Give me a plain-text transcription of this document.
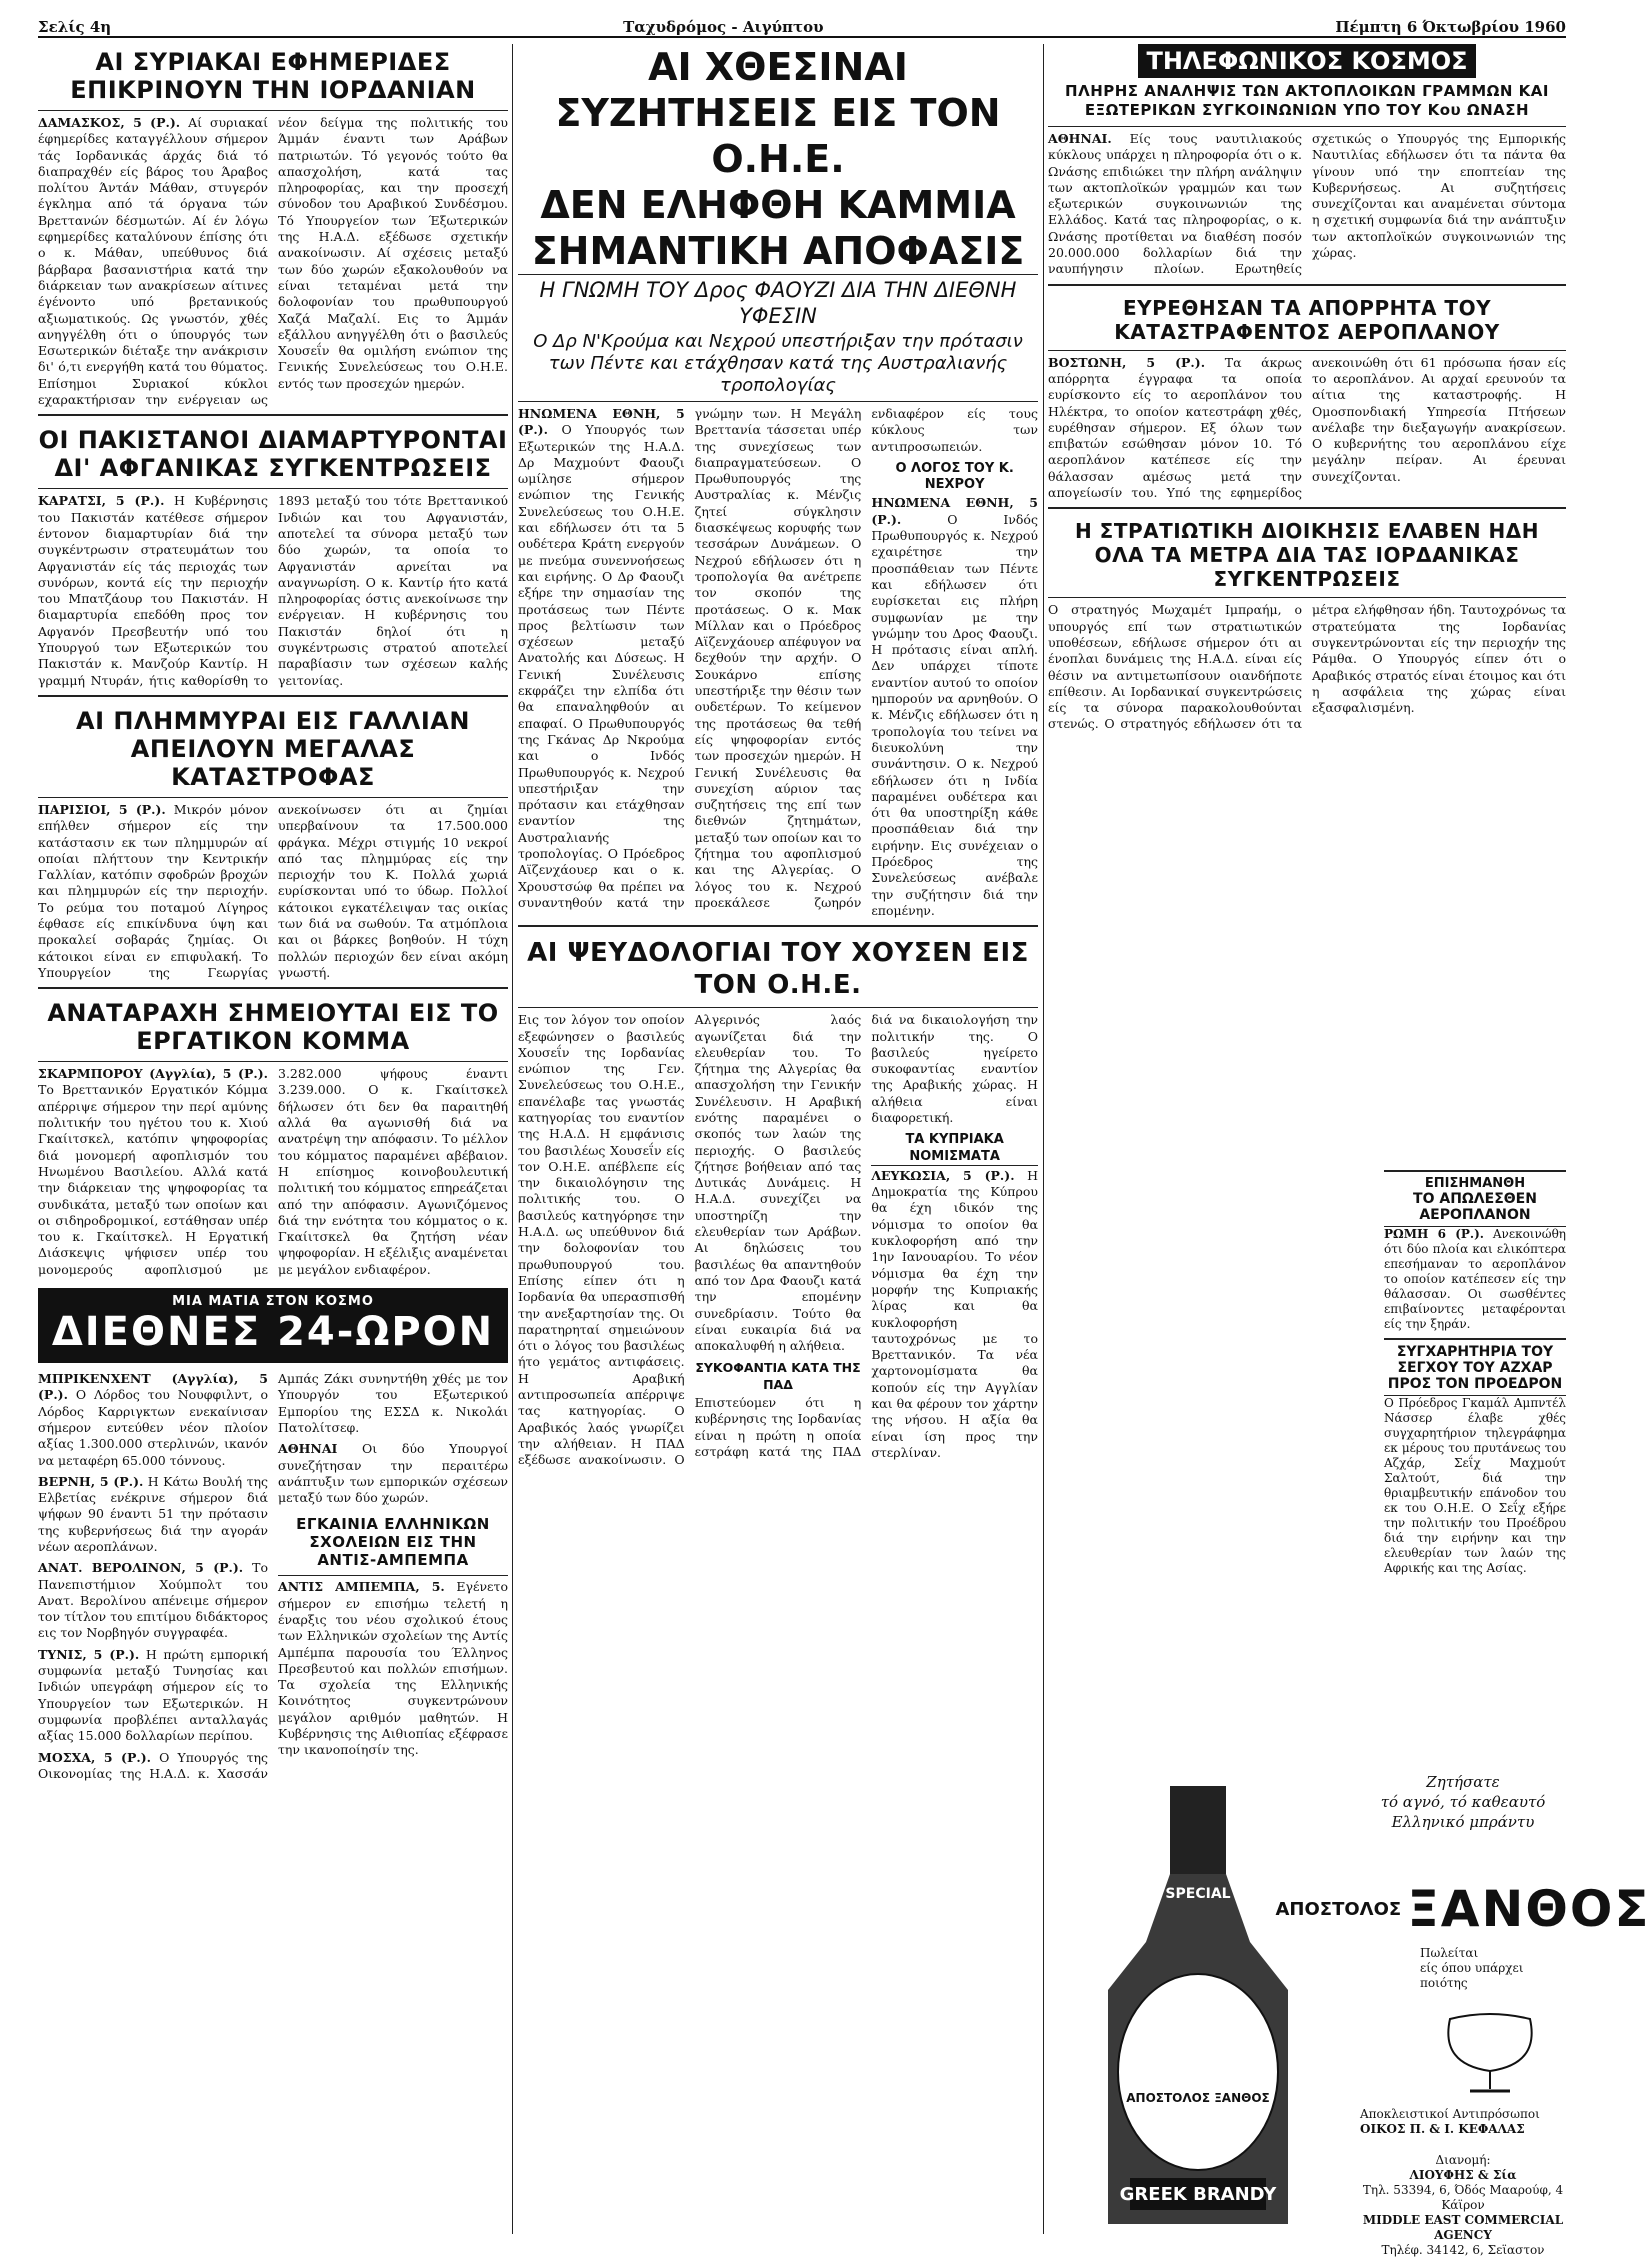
Σελίς 4η	Ταχυδρόμος - Αιγύπτου	Πέμπτη 6 Όκτωβρίου 1960
ΑΙ ΣΥΡΙΑΚΑΙ ΕΦΗΜΕΡΙΔΕΣ ΕΠΙΚΡΙΝΟΥΝ ΤΗΝ ΙΟΡΔΑΝΙΑΝ
ΔΑΜΑΣΚΟΣ, 5 (Ρ.). Αί συριακαί έφημερίδες καταγγέλλουν σήμερον τάς Ιορδανικάς άρχάς διά τό διαπραχθέν είς βάρος του Άραβος πολίτου Άντάν Μάθαν, στυγερόν έγκλημα από τά όργανα τών Βρεττανών δέσμωτών. Αί έν λόγω εφημερίδες καταλύνουν έπίσης ότι ο κ. Μάθαν, υπεύθυνος διά βάρβαρα βασανιστήρια κατά την διάρκειαν των ανακρίσεων αίτινες έγένοντο υπό βρετανικούς αξιωματικούς. Ως γνωστόν, χθές ανηγγέλθη ότι ο ύπουργός των Εσωτερικών διέταξε την ανάκρισιν δι' ό,τι ενεργήθη κατά του θύματος. Επίσημοι Συριακοί κύκλοι εχαρακτήρισαν την ενέργειαν ως νέον δείγμα της πολιτικής του Άμμάν έναντι των Αράβων πατριωτών. Τό γεγονός τούτο θα απασχολήση, κατά τας πληροφορίας, και την προσεχή σύνοδον του Αραβικού Συνδέσμου. Τό Υπουργείον των Έξωτερικών της Η.Α.Δ. εξέδωσε σχετικήν ανακοίνωσιν. Αί σχέσεις μεταξύ των δύο χωρών εξακολουθούν να είναι τεταμέναι μετά την δολοφονίαν του πρωθυπουργού Χαζά Μαζαλί. Εις το Άμμάν εξάλλου ανηγγέλθη ότι ο βασιλεύς Χουσεΐν θα ομιλήση ενώπιον της Γενικής Συνελεύσεως του Ο.Η.Ε. εντός των προσεχών ημερών.
ΟΙ ΠΑΚΙΣΤΑΝΟΙ ΔΙΑΜΑΡΤΥΡΟΝΤΑΙ ΔΙ' ΑΦΓΑΝΙΚΑΣ ΣΥΓΚΕΝΤΡΩΣΕΙΣ
ΚΑΡΑΤΣΙ, 5 (Ρ.). Η Κυβέρνησις του Πακιστάν κατέθεσε σήμερον έντονον διαμαρτυρίαν διά την συγκέντρωσιν στρατευμάτων του Αφγανιστάν είς τάς περιοχάς των συνόρων, κοντά είς την περιοχήν του Μπατζάουρ του Πακιστάν. Η διαμαρτυρία επεδόθη προς τον Αφγανόν Πρεσβευτήν υπό του Υπουργού των Εξωτερικών του Πακιστάν κ. Μανζούρ Καντίρ. Η γραμμή Ντυράν, ήτις καθορίσθη το 1893 μεταξύ του τότε Βρεττανικού Ινδιών και του Αφγανιστάν, αποτελεί τα σύνορα μεταξύ των δύο χωρών, τα οποία το Αφγανιστάν αρνείται να αναγνωρίση. Ο κ. Καντίρ ήτο κατά πληροφορίας όστις ανεκοίνωσε την ενέργειαν. Η κυβέρνησις του Πακιστάν δηλοί ότι η συγκέντρωσις στρατού αποτελεί παραβίασιν των σχέσεων καλής γειτονίας.
ΑΙ ΠΛΗΜΜΥΡΑΙ ΕΙΣ ΓΑΛΛΙΑΝ ΑΠΕΙΛΟΥΝ ΜΕΓΑΛΑΣ ΚΑΤΑΣΤΡΟΦΑΣ
ΠΑΡΙΣΙΟΙ, 5 (Ρ.). Μικρόν μόνον επήλθεν σήμερον είς την κατάστασιν εκ των πλημμυρών αί οποίαι πλήττουν την Κεντρικήν Γαλλίαν, κατόπιν σφοδρών βροχών και πλημμυρών είς την περιοχήν. Το ρεύμα του ποταμού Λίγηρος έφθασε είς επικίνδυνα ύψη και προκαλεί σοβαράς ζημίας. Οι κάτοικοι είναι εν επιφυλακή. Το Υπουργείον της Γεωργίας ανεκοίνωσεν ότι αι ζημίαι υπερβαίνουν τα 17.500.000 φράγκα. Μέχρι στιγμής 10 νεκροί από τας πλημμύρας είς την περιοχήν του Κ. Πολλά χωριά ευρίσκονται υπό το ύδωρ. Πολλοί κάτοικοι εγκατέλειψαν τας οικίας των διά να σωθούν. Τα ατμόπλοια και οι βάρκες βοηθούν. Η τύχη πολλών περιοχών δεν είναι ακόμη γνωστή.
ΑΝΑΤΑΡΑΧΗ ΣΗΜΕΙΟΥΤΑΙ ΕΙΣ ΤΟ ΕΡΓΑΤΙΚΟΝ ΚΟΜΜΑ
ΣΚΑΡΜΠΟΡΟΥ (Αγγλία), 5 (Ρ.). Το Βρεττανικόν Εργατικόν Κόμμα απέρριψε σήμερον την περί αμύνης πολιτικήν του ηγέτου του κ. Χιού Γκαίιτσκελ, κατόπιν ψηφοφορίας διά μονομερή αφοπλισμόν του Ηνωμένου Βασιλείου. Αλλά κατά την διάρκειαν της ψηφοφορίας τα συνδικάτα, μεταξύ των οποίων και οι σιδηροδρομικοί, εστάθησαν υπέρ του κ. Γκαίιτσκελ. Η Εργατική Διάσκεψις ψήφισεν υπέρ του μονομερούς αφοπλισμού με 3.282.000 ψήφους έναντι 3.239.000. Ο κ. Γκαίιτσκελ δήλωσεν ότι δεν θα παραιτηθή αλλά θα αγωνισθή διά να ανατρέψη την απόφασιν. Το μέλλον του κόμματος παραμένει αβέβαιον. Η επίσημος κοινοβουλευτική πολιτική του κόμματος επηρεάζεται από την απόφασιν. Αγωνιζόμενος διά την ενότητα του κόμματος ο κ. Γκαίιτσκελ θα ζητήση νέαν ψηφοφορίαν. Η εξέλιξις αναμένεται με μεγάλον ενδιαφέρον.
ΜΙΑ ΜΑΤΙΑ ΣΤΟΝ ΚΟΣΜΟ
ΔΙΕΘΝΕΣ 24-ΩΡΟΝ

ΜΠΡΙΚΕΝΧΕΝΤ (Αγγλία), 5 (Ρ.). Ο Λόρδος του Νουφφιλντ, ο Λόρδος Καρριγκτων ενεκαίνισαν σήμερον εντεύθεν νέον πλοίον αξίας 1.300.000 στερλινών, ικανόν να μεταφέρη 65.000 τόννους.

ΒΕΡΝΗ, 5 (Ρ.). Η Κάτω Βουλή της Ελβετίας ενέκρινε σήμερον διά ψήφων 90 έναντι 51 την πρότασιν της κυβερνήσεως διά την αγοράν νέων αεροπλάνων.

ΑΝΑΤ. ΒΕΡΟΛΙΝΟΝ, 5 (Ρ.). Το Πανεπιστήμιον Χούμπολτ του Ανατ. Βερολίνου απένειμε σήμερον τον τίτλον του επιτίμου διδάκτορος εις τον Νορβηγόν συγγραφέα.

ΤΥΝΙΣ, 5 (Ρ.). Η πρώτη εμπορική συμφωνία μεταξύ Τυνησίας και Ινδιών υπεγράφη σήμερον είς το Υπουργείον των Εξωτερικών. Η συμφωνία προβλέπει ανταλλαγάς αξίας 15.000 δολλαρίων περίπου.

ΜΟΣΧΑ, 5 (Ρ.). Ο Υπουργός της Οικονομίας της Η.Α.Δ. κ. Χασσάν Αμπάς Ζάκι συνηντήθη χθές με τον Υπουργόν του Εξωτερικού Εμπορίου της ΕΣΣΔ κ. Νικολάι Πατολίτσεφ.

ΑΘΗΝΑΙ Οι δύο Υπουργοί συνεζήτησαν την περαιτέρω ανάπτυξιν των εμπορικών σχέσεων μεταξύ των δύο χωρών.

ΕΓΚΑΙΝΙΑ ΕΛΛΗΝΙΚΩΝ ΣΧΟΛΕΙΩΝ ΕΙΣ ΤΗΝ ΑΝΤΙΣ-ΑΜΠΕΜΠΑ

ΑΝΤΙΣ ΑΜΠΕΜΠΑ, 5. Εγένετο σήμερον εν επισήμω τελετή η έναρξις του νέου σχολικού έτους των Ελληνικών σχολείων της Αντίς Αμπέμπα παρουσία του Έλληνος Πρεσβευτού και πολλών επισήμων. Τα σχολεία της Ελληνικής Κοινότητος συγκεντρώνουν μεγάλον αριθμόν μαθητών. Η Κυβέρνησις της Αιθιοπίας εξέφρασε την ικανοποίησίν της.

ΑΙ ΧΘΕΣΙΝΑΙ ΣΥΖΗΤΗΣΕΙΣ ΕΙΣ ΤΟΝ Ο.Η.Ε.
ΔΕΝ ΕΛΗΦΘΗ ΚΑΜΜΙΑ ΣΗΜΑΝΤΙΚΗ ΑΠΟΦΑΣΙΣ
Η ΓΝΩΜΗ ΤΟΥ Δρος ΦΑΟΥΖΙ ΔΙΑ ΤΗΝ ΔΙΕΘΝΗ ΥΦΕΣΙΝ
Ο Δρ Ν'Κρούμα και Νεχρού υπεστήριξαν την πρότασιν των Πέντε και ετάχθησαν κατά της Αυστραλιανής τροπολογίας
ΗΝΩΜΕΝΑ ΕΘΝΗ, 5 (Ρ.). Ο Υπουργός των Εξωτερικών της Η.Α.Δ. Δρ Μαχμούντ Φαουζι ωμίλησε σήμερον ενώπιον της Γενικής Συνελεύσεως του Ο.Η.Ε. και εδήλωσεν ότι τα 5 ουδέτερα Κράτη ενεργούν με πνεύμα συνεννοήσεως και ειρήνης. Ο Δρ Φαουζι εξήρε την σημασίαν της προτάσεως των Πέντε προς βελτίωσιν των σχέσεων μεταξύ Ανατολής και Δύσεως. Η Γενική Συνέλευσις εκφράζει την ελπίδα ότι θα επαναληφθούν αι επαφαί. Ο Πρωθυπουργός της Γκάνας Δρ Νκρούμα και ο Ινδός Πρωθυπουργός κ. Νεχρού υπεστήριξαν την πρότασιν και ετάχθησαν εναντίον της Αυστραλιανής τροπολογίας. Ο Πρόεδρος Αϊζενχάουερ και ο κ. Χρουστσώφ θα πρέπει να συναντηθούν κατά την γνώμην των. Η Μεγάλη Βρεττανία τάσσεται υπέρ της συνεχίσεως των διαπραγματεύσεων. Ο Πρωθυπουργός της Αυστραλίας κ. Μένζις ζητεί σύγκλησιν διασκέψεως κορυφής των τεσσάρων Δυνάμεων. Ο Νεχρού εδήλωσεν ότι η τροπολογία θα ανέτρεπε τον σκοπόν της προτάσεως. Ο κ. Μακ Μίλλαν και ο Πρόεδρος Αϊζενχάουερ απέφυγον να δεχθούν την αρχήν. Ο Σουκάρνο επίσης υπεστήριξε την θέσιν των ουδετέρων. Το κείμενον της προτάσεως θα τεθή είς ψηφοφορίαν εντός των προσεχών ημερών. Η Γενική Συνέλευσις θα συνεχίση αύριον τας συζητήσεις της επί των διεθνών ζητημάτων, μεταξύ των οποίων και το ζήτημα του αφοπλισμού και της Αλγερίας. Ο λόγος του κ. Νεχρού προεκάλεσε ζωηρόν ενδιαφέρον είς τους κύκλους των αντιπροσωπειών.
Ο ΛΟΓΟΣ ΤΟΥ Κ. ΝΕΧΡΟΥ
ΗΝΩΜΕΝΑ ΕΘΝΗ, 5 (Ρ.).	Ο Ινδός Πρωθυπουργός κ. Νεχρού εχαιρέτησε την προσπάθειαν των Πέντε και εδήλωσεν ότι ευρίσκεται εις πλήρη συμφωνίαν με την γνώμην του Δρος Φαουζι. Η πρότασις είναι απλή. Δεν υπάρχει τίποτε εναντίον αυτού το οποίον ημπορούν να αρνηθούν. Ο κ. Μένζις εδήλωσεν ότι η τροπολογία του τείνει να διευκολύνη την συνάντησιν. Ο κ. Νεχρού εδήλωσεν ότι η Ινδία παραμένει ουδέτερα και ότι θα υποστηρίξη κάθε προσπάθειαν διά την ειρήνην. Εις συνέχειαν ο Πρόεδρος της Συνελεύσεως ανέβαλε την συζήτησιν διά την επομένην.
ΑΙ ΨΕΥΔΟΛΟΓΙΑΙ ΤΟΥ ΧΟΥΣΕΝ ΕΙΣ ΤΟΝ Ο.Η.Ε.
Εις τον λόγον τον οποίον εξεφώνησεν ο βασιλεύς Χουσεΐν της Ιορδανίας ενώπιον της Γεν. Συνελεύσεως του Ο.Η.Ε., επανέλαβε τας γνωστάς κατηγορίας του εναντίον της Η.Α.Δ. Η εμφάνισις του βασιλέως Χουσεΐν είς τον Ο.Η.Ε. απέβλεπε είς την δικαιολόγησιν της πολιτικής του. Ο βασιλεύς κατηγόρησε την Η.Α.Δ. ως υπεύθυνον διά την δολοφονίαν του πρωθυπουργού του. Επίσης είπεν ότι η Ιορδανία θα υπερασπισθή την ανεξαρτησίαν της. Οι παρατηρηταί σημειώνουν ότι ο λόγος του βασιλέως ήτο γεμάτος αντιφάσεις. Η Αραβική αντιπροσωπεία απέρριψε τας κατηγορίας. Ο Αραβικός λαός γνωρίζει την αλήθειαν. Η ΠΑΔ εξέδωσε ανακοίνωσιν. Ο Αλγερινός λαός αγωνίζεται διά την ελευθερίαν του. Το ζήτημα της Αλγερίας θα απασχολήση την Γενικήν Συνέλευσιν. Η Αραβική ενότης παραμένει ο σκοπός των λαών της περιοχής. Ο βασιλεύς ζήτησε βοήθειαν από τας Δυτικάς Δυνάμεις. Η Η.Α.Δ. συνεχίζει να υποστηρίζη την ελευθερίαν των Αράβων. Αι δηλώσεις του βασιλέως θα απαντηθούν από τον Δρα Φαουζι κατά την επομένην συνεδρίασιν. Τούτο θα είναι ευκαιρία διά να αποκαλυφθή η αλήθεια.
ΣΥΚΟΦΑΝΤΙΑ ΚΑΤΑ ΤΗΣ ΠΑΔ
Επιστεύομεν ότι η κυβέρνησις της Ιορδανίας είναι η πρώτη η οποία εστράφη κατά της ΠΑΔ διά να δικαιολογήση την πολιτικήν της. Ο βασιλεύς ηγείρετο συκοφαντίας εναντίον της Αραβικής χώρας. Η αλήθεια είναι διαφορετική.
ΤΑ ΚΥΠΡΙΑΚΑ ΝΟΜΙΣΜΑΤΑ
ΛΕΥΚΩΣΙΑ, 5 (Ρ.). Η Δημοκρατία της Κύπρου θα έχη ιδικόν της νόμισμα το οποίον θα κυκλοφορήση από την 1ην Ιανουαρίου. Το νέον νόμισμα θα έχη την μορφήν της Κυπριακής λίρας και θα κυκλοφορήση ταυτοχρόνως με το Βρεττανικόν. Τα νέα χαρτονομίσματα θα κοπούν είς την Αγγλίαν και θα φέρουν τον χάρτην της νήσου. Η αξία θα είναι ίση προς την στερλίναν.
ΤΗΛΕΦΩΝΙΚΟΣ ΚΟΣΜΟΣ
ΠΛΗΡΗΣ ΑΝΑΛΗΨΙΣ ΤΩΝ ΑΚΤΟΠΛΟΙΚΩΝ ΓΡΑΜΜΩΝ ΚΑΙ ΕΞΩΤΕΡΙΚΩΝ ΣΥΓΚΟΙΝΩΝΙΩΝ ΥΠΟ ΤΟΥ Κου ΩΝΑΣΗ
ΑΘΗΝΑΙ. Είς τους ναυτιλιακούς κύκλους υπάρχει η πληροφορία ότι ο κ. Ωνάσης επιδιώκει την πλήρη ανάληψιν των ακτοπλοϊκών γραμμών και των εξωτερικών συγκοινωνιών της Ελλάδος. Κατά τας πληροφορίας, ο κ. Ωνάσης προτίθεται να διαθέση ποσόν 20.000.000 δολλαρίων διά την ναυπήγησιν πλοίων. Ερωτηθείς σχετικώς ο Υπουργός της Εμπορικής Ναυτιλίας εδήλωσεν ότι τα πάντα θα γίνουν υπό την εποπτείαν της Κυβερνήσεως. Αι συζητήσεις συνεχίζονται και αναμένεται σύντομα η σχετική συμφωνία διά την ανάπτυξιν των ακτοπλοϊκών συγκοινωνιών της χώρας.
ΕΥΡΕΘΗΣΑΝ ΤΑ ΑΠΟΡΡΗΤΑ ΤΟΥ ΚΑΤΑΣΤΡΑΦΕΝΤΟΣ ΑΕΡΟΠΛΑΝΟΥ
ΒΟΣΤΩΝΗ, 5 (Ρ.). Τα άκρως απόρρητα έγγραφα τα οποία ευρίσκοντο είς το αεροπλάνον του Ηλέκτρα, το οποίον κατεστράφη χθές, ευρέθησαν σήμερον. Εξ όλων των επιβατών εσώθησαν μόνον 10. Τό αεροπλάνον κατέπεσε είς την θάλασσαν αμέσως μετά την απογείωσίν του. Υπό της εφημερίδος ανεκοινώθη ότι 61 πρόσωπα ήσαν είς το αεροπλάνον. Αι αρχαί ερευνούν τα αίτια της καταστροφής. Η Ομοσπονδιακή Υπηρεσία Πτήσεων ανέλαβε την διεξαγωγήν ανακρίσεων. Ο κυβερνήτης του αεροπλάνου είχε μεγάλην πείραν. Αι έρευναι συνεχίζονται.
Η ΣΤΡΑΤΙΩΤΙΚΗ ΔΙΟΙΚΗΣΙΣ ΕΛΑΒΕΝ ΗΔΗ ΟΛΑ ΤΑ ΜΕΤΡΑ ΔΙΑ ΤΑΣ ΙΟΡΔΑΝΙΚΑΣ ΣΥΓΚΕΝΤΡΩΣΕΙΣ
Ο στρατηγός Μωχαμέτ Ιμπραήμ, ο υπουργός επί των στρατιωτικών υποθέσεων, εδήλωσε σήμερον ότι αι ένοπλαι δυνάμεις της Η.Α.Δ. είναι είς θέσιν να αντιμετωπίσουν οιανδήποτε επίθεσιν. Αι Ιορδανικαί συγκεντρώσεις είς τα σύνορα παρακολουθούνται στενώς. Ο στρατηγός εδήλωσεν ότι τα μέτρα ελήφθησαν ήδη. Ταυτοχρόνως τα στρατεύματα της Ιορδανίας συγκεντρώνονται είς την περιοχήν της Ράμθα. Ο Υπουργός είπεν ότι ο Αραβικός στρατός είναι έτοιμος και ότι η ασφάλεια της χώρας είναι εξασφαλισμένη.
ΕΠΙΣΗΜΑΝΘΗ
ΤΟ ΑΠΩΛΕΣΘΕΝ ΑΕΡΟΠΛΑΝΟΝ
ΡΩΜΗ 6 (Ρ.). Ανεκοινώθη ότι δύο πλοία και ελικόπτερα επεσήμαναν το αεροπλάνον το οποίον κατέπεσεν είς την θάλασσαν. Οι σωσθέντες επιβαίνοντες μεταφέρονται είς την ξηράν.
ΣΥΓΧΑΡΗΤΗΡΙΑ ΤΟΥ ΣΕΓΧΟΥ ΤΟΥ ΑΖΧΑΡ ΠΡΟΣ ΤΟΝ ΠΡΟΕΔΡΟΝ
Ο Πρόεδρος Γκαμάλ Αμπντέλ Νάσσερ έλαβε χθές συγχαρητήριον τηλεγράφημα εκ μέρους του πρυτάνεως του Αζχάρ, Σεΐχ Μαχμούτ Σαλτούτ, διά την θριαμβευτικήν επάνοδον του εκ του Ο.Η.Ε. Ο Σεΐχ εξήρε την πολιτικήν του Προέδρου διά την ειρήνην και την ελευθερίαν των λαών της Αφρικής και της Ασίας.
SPECIAL
ΑΠΟΣΤΟΛΟΣ ΞΑΝΘΟΣ
GREEK BRANDY
Ζητήσατε
τό αγνό, τό καθεαυτό
Ελληνικό μπράντυ
ΑΠΟΣΤΟΛΟΣ ΞΑΝΘΟΣ
Πωλείται
είς όπου υπάρχει
ποιότης
Αποκλειστικοί Αντιπρόσωποι
ΟΙΚΟΣ Π. & Ι. ΚΕΦΑΛΑΣ
Διανομή:
ΛΙΟΥΦΗΣ & Σία
Τηλ. 53394, 6, Όδός Μααρούφ, 4
Κάϊρον
MIDDLE EAST COMMERCIAL AGENCY
Τηλέφ. 34142, 6, Σεϊαστον
